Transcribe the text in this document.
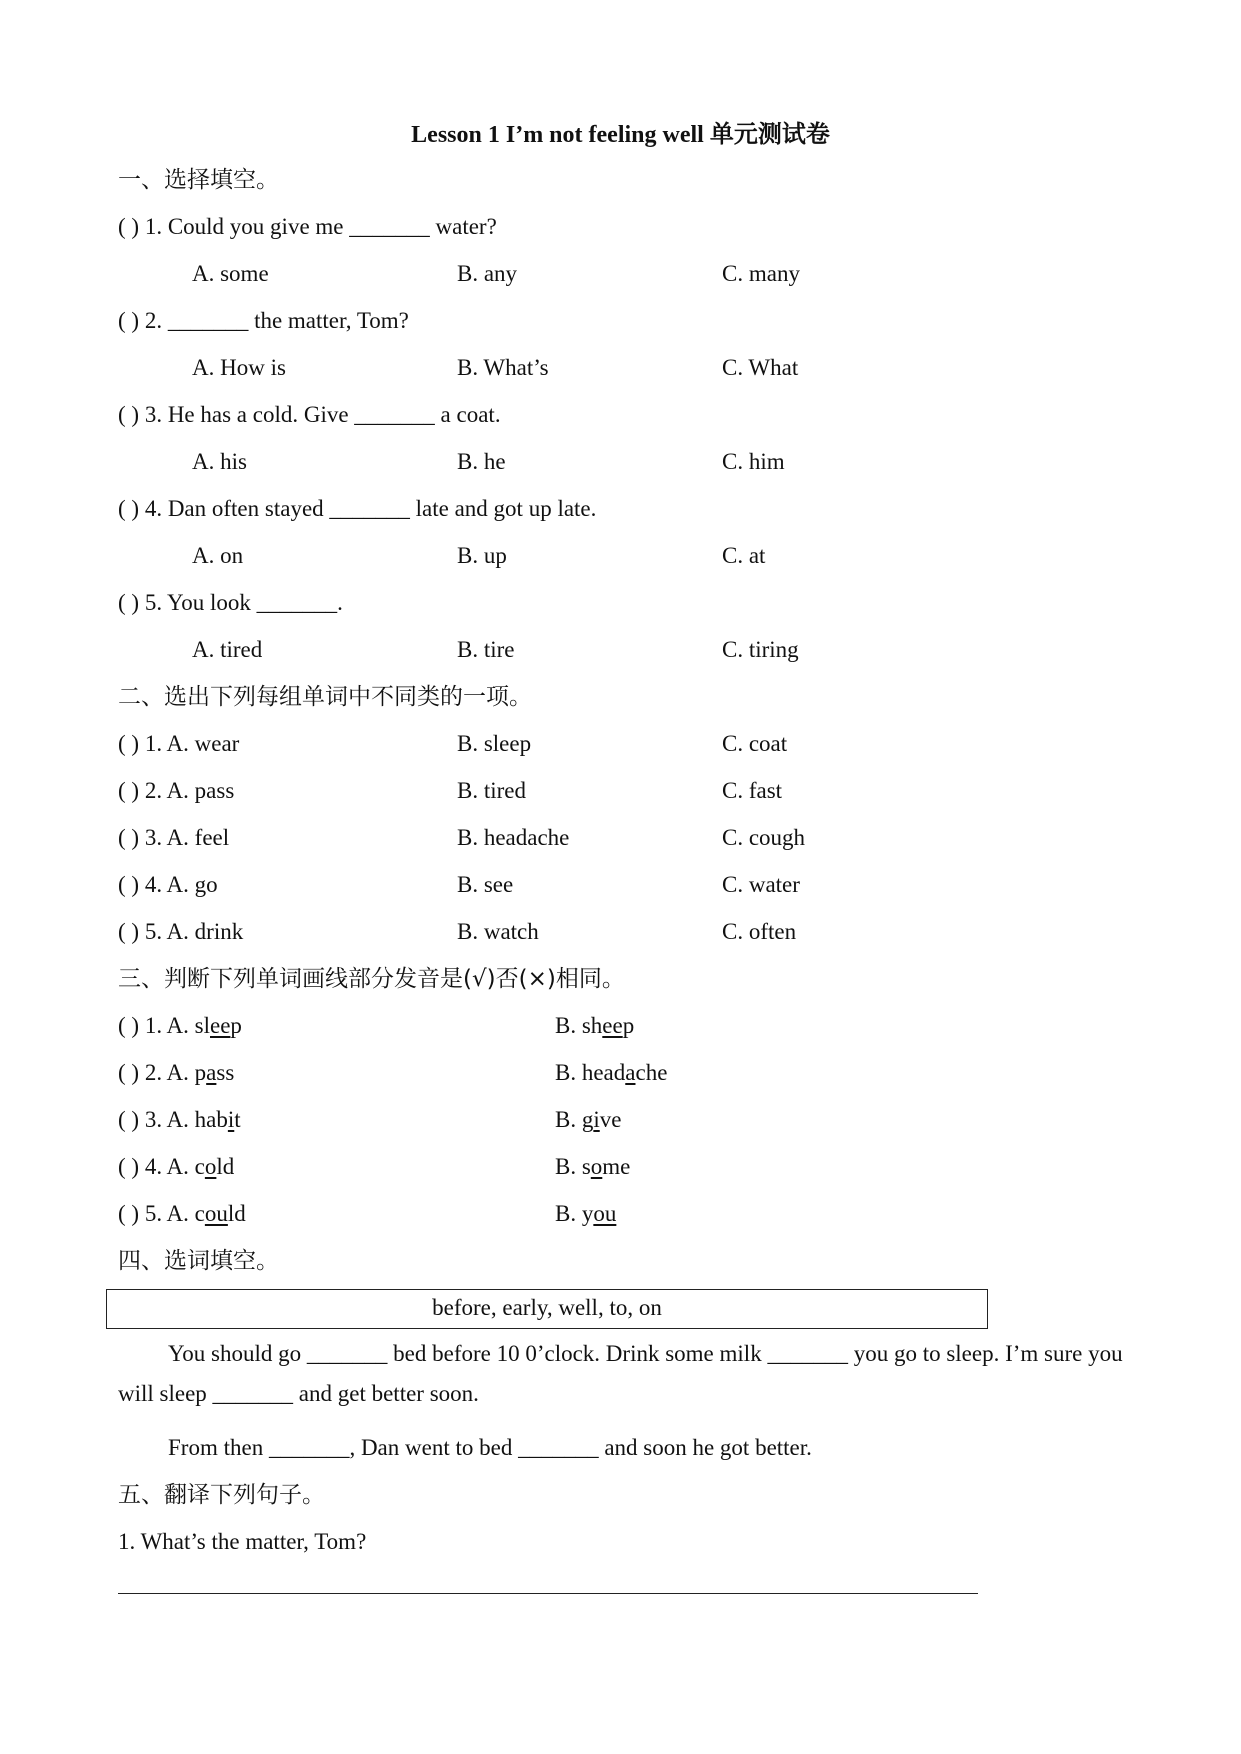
Lesson 1 I’m not feeling well 单元测试卷
一、选择填空。
( ) 1. Could you give me _______ water?
A. some	B. any	C. many
( ) 2. _______ the matter, Tom?
A. How is	B. What’s	C. What
( ) 3. He has a cold. Give _______ a coat.
A. his	B. he	C. him
( ) 4. Dan often stayed _______ late and got up late.
A. on	B. up	C. at
( ) 5. You look _______.
A. tired	B. tire	C. tiring
二、选出下列每组单词中不同类的一项。
( ) 1. A. wear	B. sleep	C. coat
( ) 2. A. pass	B. tired	C. fast
( ) 3. A. feel	B. headache	C. cough
( ) 4. A. go	B. see	C. water
( ) 5. A. drink	B. watch	C. often
三、判断下列单词画线部分发音是(√)否(×)相同。
( ) 1. A. sleep	B. sheep
( ) 2. A. pass	B. headache
( ) 3. A. habit	B. give
( ) 4. A. cold	B. some
( ) 5. A. could	B. you
四、选词填空。
before, early, well, to, on
You should go _______ bed before 10 0’clock. Drink some milk _______ you go to sleep. I’m sure you will sleep _______ and get better soon.
From then _______, Dan went to bed _______ and soon he got better.
五、翻译下列句子。
1. What’s the matter, Tom?
